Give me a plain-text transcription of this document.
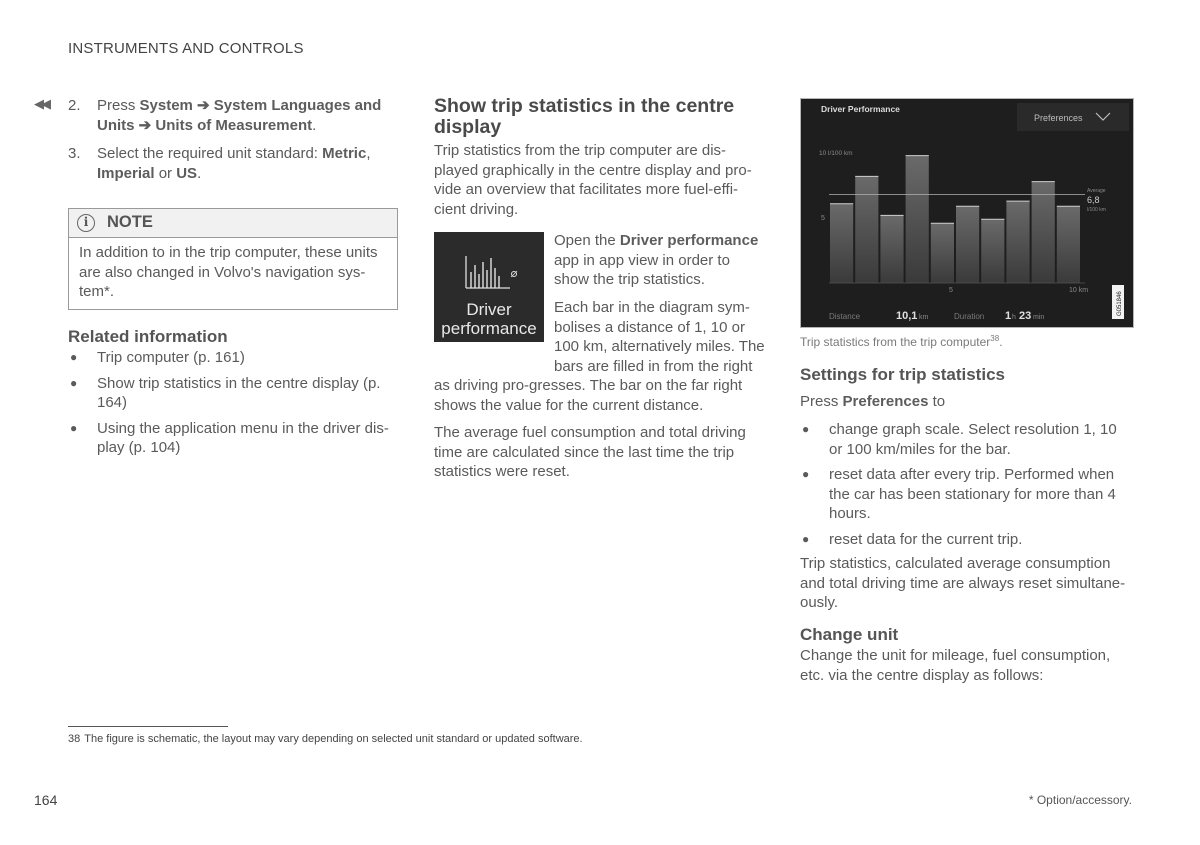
INSTRUMENTS AND CONTROLS
◀◀ 2. Press System ➔ System Languages and Units ➔ Units of Measurement.
3. Select the required unit standard: Metric, Imperial or US.
i	NOTE
In addition to in the trip computer, these units are also changed in Volvo's navigation sys-tem*.
Related information
● Trip computer (p. 161)
● Show trip statistics in the centre display (p. 164)
● Using the application menu in the driver dis-play (p. 104)
Show trip statistics in the centre display
Trip statistics from the trip computer are dis-played graphically in the centre display and pro-vide an overview that facilitates more fuel-effi-cient driving.
Driver performance
Open the Driver performance app in app view in order to show the trip statistics.
Each bar in the diagram sym-bolises a distance of 1, 10 or 100 km, alternatively miles. The bars are filled in from the right as driving pro-gresses. The bar on the far right shows the value for the current distance.
The average fuel consumption and total driving time are calculated since the last time the trip statistics were reset.
Driver Performance
Preferences
10 l/100 km
5
Average
6,8
l/100 km
5	10 km
Distance	10,1 km	Duration 1 h 23 min
G051846
Trip statistics from the trip computer$^{38}$.
Settings for trip statistics
Press Preferences to
● change graph scale. Select resolution 1, 10 or 100 km/miles for the bar.
● reset data after every trip. Performed when the car has been stationary for more than 4 hours.
● reset data for the current trip.
Trip statistics, calculated average consumption and total driving time are always reset simultane-ously.
Change unit
Change the unit for mileage, fuel consumption, etc. via the centre display as follows:
38 The figure is schematic, the layout may vary depending on selected unit standard or updated software.
164	* Option/accessory.
